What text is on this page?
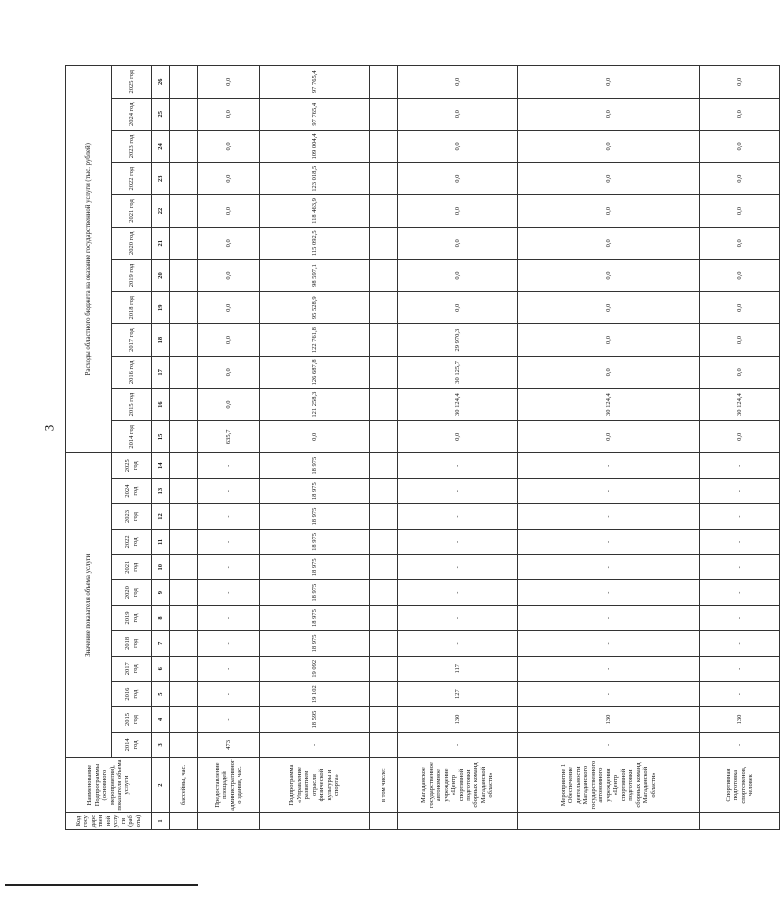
3
Код государственной услуги (работы)	Наименование Подпрограммы (основного мероприятия), показателя объема услуги	Значение показателя объема услуги												Расходы областного бюджета на оказание государственной услуги (тыс. рублей)											
		2014 год	2015 год	2016 год	2017 год	2018 год	2019 год	2020 год	2021 год	2022 год	2023 год	2024 год	2025 год	2014 год	2015 год	2016 год	2017 год	2018 год	2019 год	2020 год	2021 год	2022 год	2023 год	2024 год	2025 год
1	2	3	4	5	6	7	8	9	10	11	12	13	14	15	16	17	18	19	20	21	22	23	24	25	26
	бассейны, час.																								
	Предоставление площадей административного здания, час.	473	-	-	-	-	-	-	-	-	-	-	-	635,7	0,0	0,0	0,0	0,0	0,0	0,0	0,0	0,0	0,0	0,0	0,0
	Подпрограмма «Управление развитием отрасли физической культуры и спорта»	-	18 595	19 102	19 092	18 975	18 975	18 975	18 975	18 975	18 975	18 975	18 975	0,0	121 258,3	126 687,8	122 761,8	95 528,9	98 597,1	115 092,5	118 463,9	123 018,5	109 004,4	97 765,4	97 765,4
	в том числе:																								
	Магаданское государственное автономное учреждение «Центр спортивной подготовки сборных команд Магаданской области»	-	130	127	117	-	-	-	-	-	-	-	-	0,0	30 124,4	30 125,7	29 970,3	0,0	0,0	0,0	0,0	0,0	0,0	0,0	0,0
	Мероприятие 1 Обеспечение деятельности Магаданского государственного автономного учреждения «Центр спортивной подготовки сборных команд Магаданской области»	-	130	-	-	-	-	-	-	-	-	-	-	0,0	30 124,4	0,0	0,0	0,0	0,0	0,0	0,0	0,0	0,0	0,0	0,0
	Спортивная подготовка спортсменов, человек	-	130	-	-	-	-	-	-	-	-	-	-	0,0	30 124,4	0,0	0,0	0,0	0,0	0,0	0,0	0,0	0,0	0,0	0,0
